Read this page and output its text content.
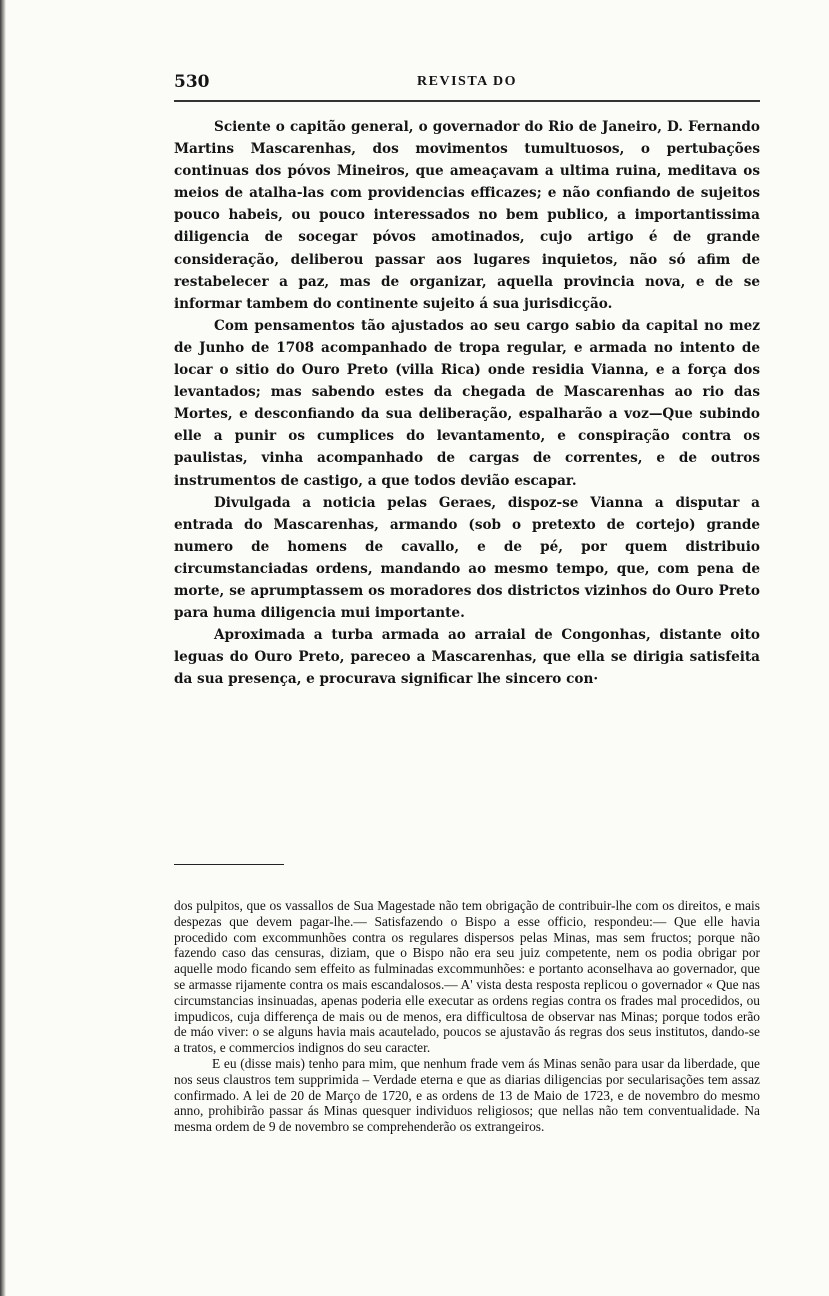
530	REVISTA DO

Sciente o capitão general, o governador do Rio de Janeiro, D. Fernando Martins Mascarenhas, dos movimentos tumultuosos, o pertubações continuas dos póvos Mineiros, que ameaçavam a ultima ruina, meditava os meios de atalha-las com providencias efficazes; e não confiando de sujeitos pouco habeis, ou pouco interessados no bem publico, a importantissima diligencia de socegar póvos amotinados, cujo artigo é de grande consideração, deliberou passar aos lugares inquietos, não só afim de restabelecer a paz, mas de organizar, aquella provincia nova, e de se informar tambem do continente sujeito á sua jurisdicção.

Com pensamentos tão ajustados ao seu cargo sabio da capital no mez de Junho de 1708 acompanhado de tropa regular, e armada no intento de locar o sitio do Ouro Preto (villa Rica) onde residia Vianna, e a força dos levantados; mas sabendo estes da chegada de Mascarenhas ao rio das Mortes, e desconfiando da sua deliberação, espalharão a voz—Que subindo elle a punir os cumplices do levantamento, e conspiração contra os paulistas, vinha acompanhado de cargas de correntes, e de outros instrumentos de castigo, a que todos devião escapar.

Divulgada a noticia pelas Geraes, dispoz-se Vianna a disputar a entrada do Mascarenhas, armando (sob o pretexto de cortejo) grande numero de homens de cavallo, e de pé, por quem distribuio circumstanciadas ordens, mandando ao mesmo tempo, que, com pena de morte, se aprumptassem os moradores dos districtos vizinhos do Ouro Preto para huma diligencia mui importante.

Aproximada a turba armada ao arraial de Congonhas, distante oito leguas do Ouro Preto, pareceo a Mascarenhas, que ella se dirigia satisfeita da sua presença, e procurava significar lhe sincero con·

dos pulpitos, que os vassallos de Sua Magestade não tem obrigação de contribuir-lhe com os direitos, e mais despezas que devem pagar-lhe.— Satisfazendo o Bispo a esse officio, respondeu:— Que elle havia procedido com excommunhões contra os regulares dispersos pelas Minas, mas sem fructos; porque não fazendo caso das censuras, diziam, que o Bispo não era seu juiz competente, nem os podia obrigar por aquelle modo ficando sem effeito as fulminadas excommunhões: e portanto aconselhava ao governador, que se armasse rijamente contra os mais escandalosos.— A' vista desta resposta replicou o governador « Que nas circumstancias insinuadas, apenas poderia elle executar as ordens regias contra os frades mal procedidos, ou impudicos, cuja differença de mais ou de menos, era difficultosa de observar nas Minas; porque todos erão de máo viver: o se alguns havia mais acautelado, poucos se ajustavão ás regras dos seus institutos, dando-se a tratos, e commercios indignos do seu caracter.

E eu (disse mais) tenho para mim, que nenhum frade vem ás Minas senão para usar da liberdade, que nos seus claustros tem supprimida – Verdade eterna e que as diarias diligencias por secularisações tem assaz confirmado. A lei de 20 de Março de 1720, e as ordens de 13 de Maio de 1723, e de novembro do mesmo anno, prohibirão passar ás Minas quesquer individuos religiosos; que nellas não tem conventualidade. Na mesma ordem de 9 de novembro se comprehenderão os extrangeiros.
